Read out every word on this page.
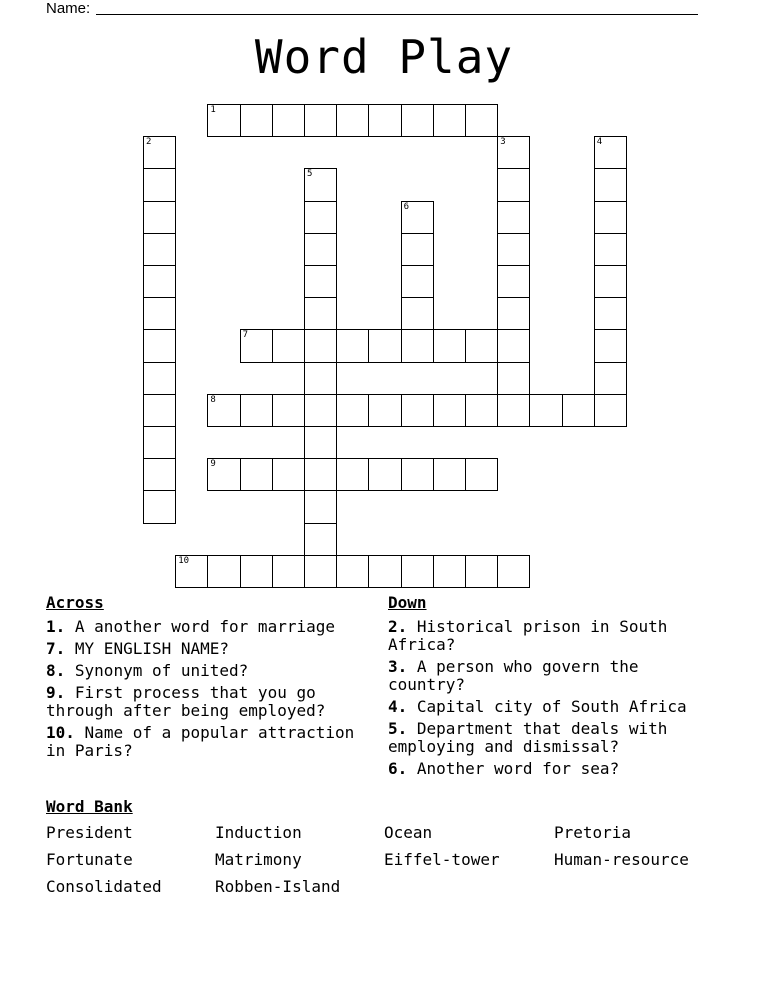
Name:
Word Play
1
2	3	4
5
6
7
8
9
10
Across
1. A another word for marriage
7. MY ENGLISH NAME?
8. Synonym of united?
9. First process that you go through after being employed?
10. Name of a popular attraction in Paris?
Down
2. Historical prison in South Africa?
3. A person who govern the country?
4. Capital city of South Africa
5. Department that deals with employing and dismissal?
6. Another word for sea?
Word Bank
President	Induction	Ocean	Pretoria
Fortunate	Matrimony	Eiffel-tower	Human-resource
Consolidated	Robben-Island
